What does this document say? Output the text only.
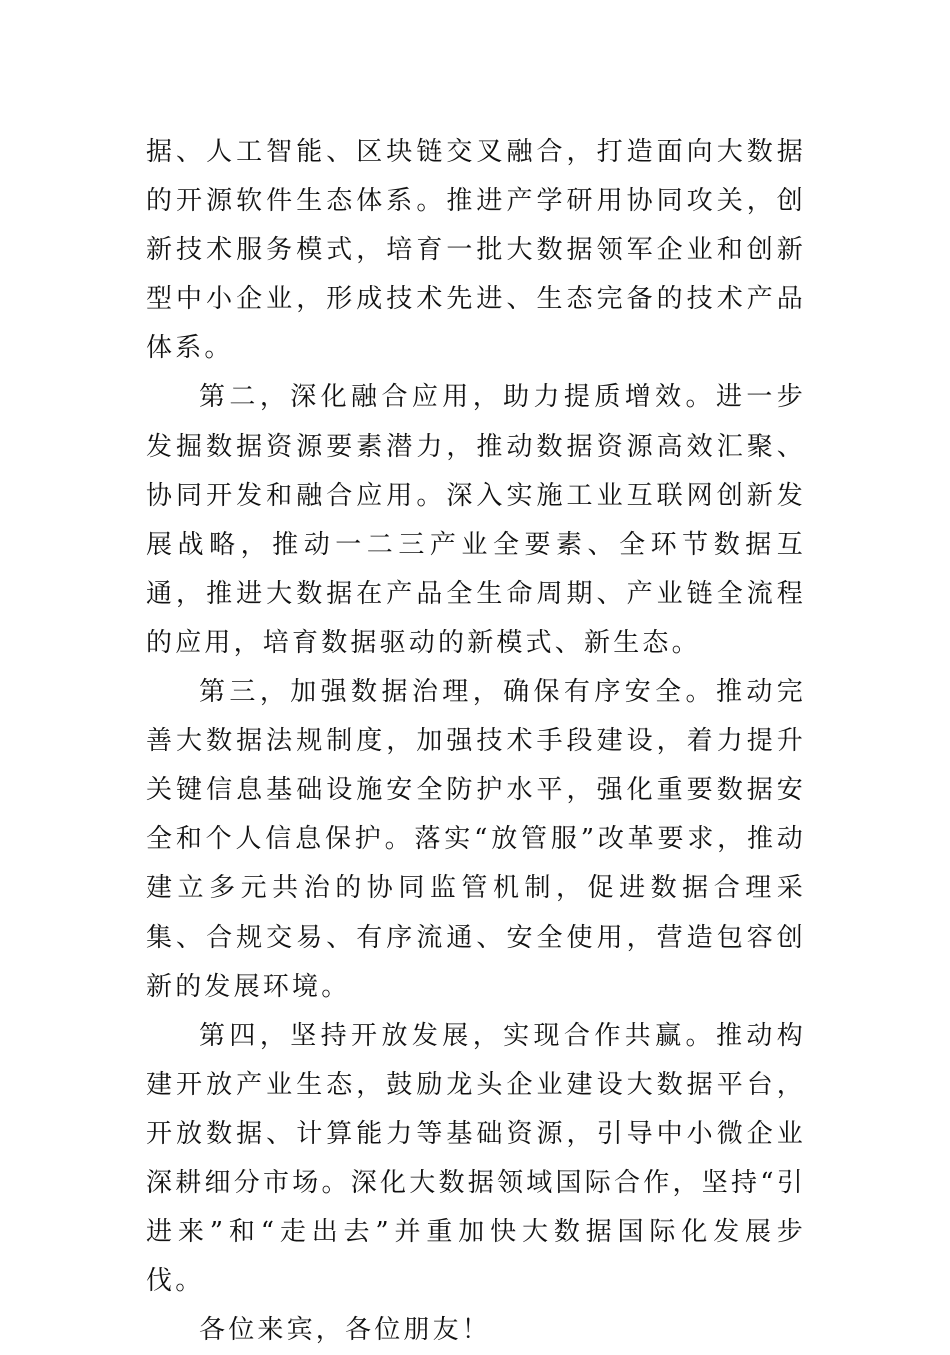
据、人工智能、区块链交叉融合，打造面向大数据的开源软件生态体系。推进产学研用协同攻关，创新技术服务模式，培育一批大数据领军企业和创新型中小企业，形成技术先进、生态完备的技术产品体系。

第二，深化融合应用，助力提质增效。进一步发掘数据资源要素潜力，推动数据资源高效汇聚、协同开发和融合应用。深入实施工业互联网创新发展战略，推动一二三产业全要素、全环节数据互通，推进大数据在产品全生命周期、产业链全流程的应用，培育数据驱动的新模式、新生态。

第三，加强数据治理，确保有序安全。推动完善大数据法规制度，加强技术手段建设，着力提升关键信息基础设施安全防护水平，强化重要数据安全和个人信息保护。落实“放管服”改革要求，推动建立多元共治的协同监管机制，促进数据合理采集、合规交易、有序流通、安全使用，营造包容创新的发展环境。

第四，坚持开放发展，实现合作共赢。推动构建开放产业生态，鼓励龙头企业建设大数据平台，开放数据、计算能力等基础资源，引导中小微企业深耕细分市场。深化大数据领域国际合作，坚持“引进来”和“走出去”并重加快大数据国际化发展步伐。

各位来宾，各位朋友！
